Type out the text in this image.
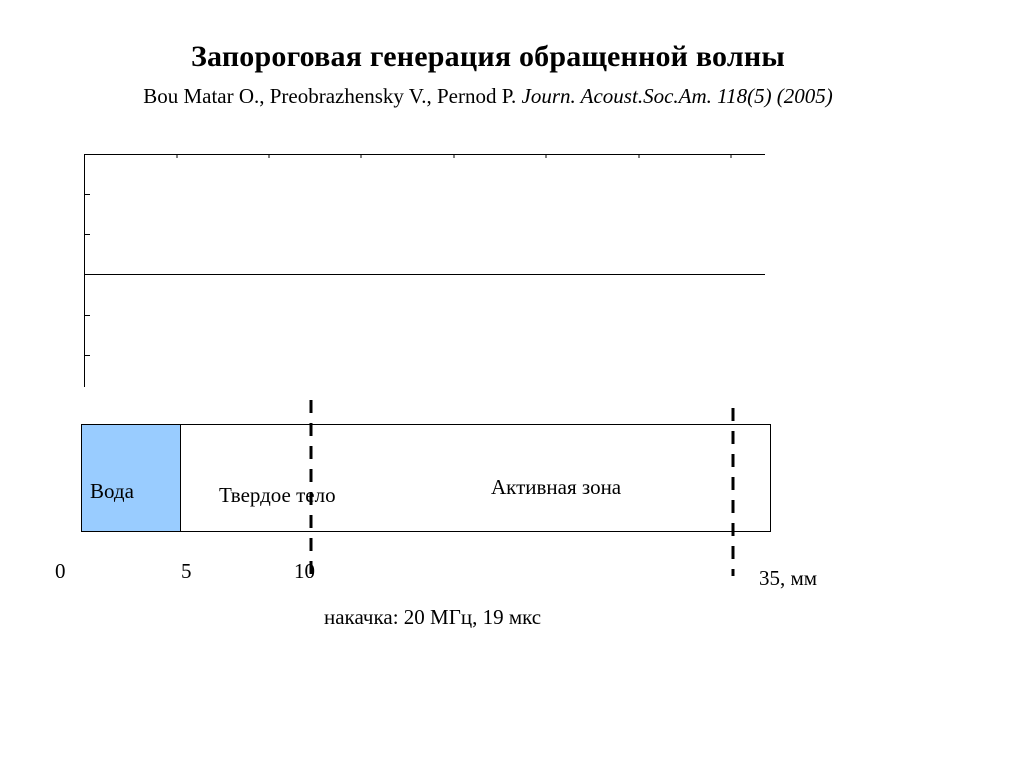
Запороговая генерация обращенной волны
Bou Matar O., Preobrazhensky V., Pernod P. Journ. Acoust.Soc.Am. 118(5) (2005)
Вода	Твердое тело	Активная зона
0	5	10	35, мм
накачка: 20 МГц, 19 мкс
